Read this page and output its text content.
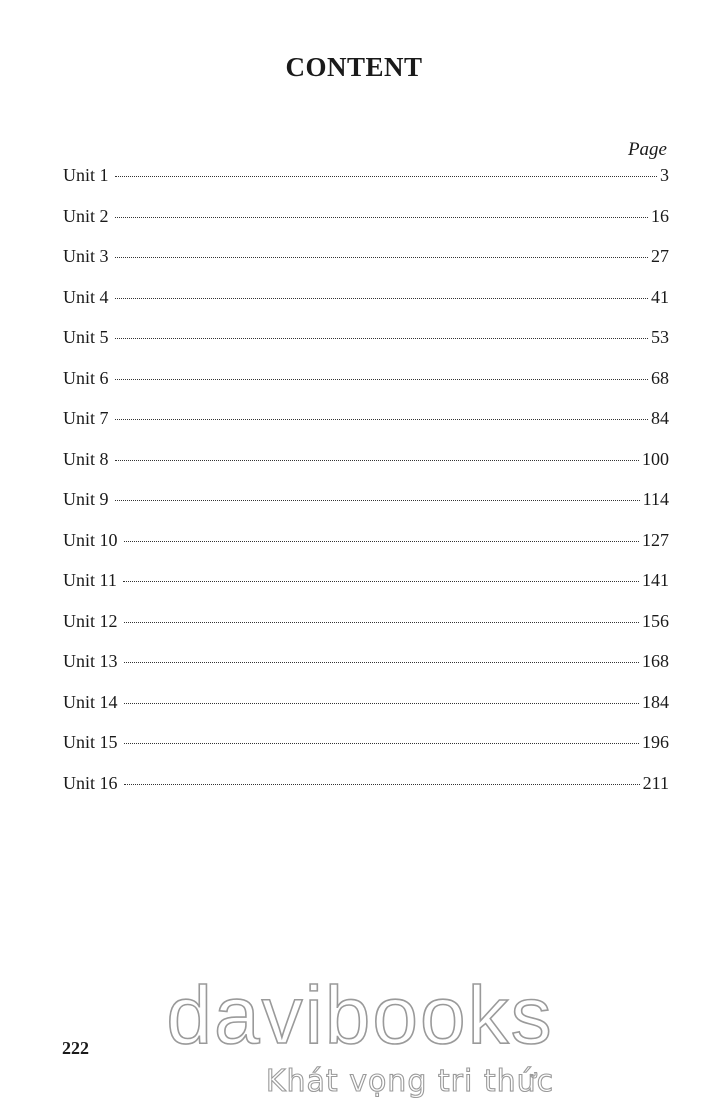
CONTENT
Page
Unit 1	3
Unit 2	16
Unit 3	27
Unit 4	41
Unit 5	53
Unit 6	68
Unit 7	84
Unit 8	100
Unit 9	114
Unit 10	127
Unit 11	141
Unit 12	156
Unit 13	168
Unit 14	184
Unit 15	196
Unit 16	211
222 davibooks
Khát vọng tri thức
